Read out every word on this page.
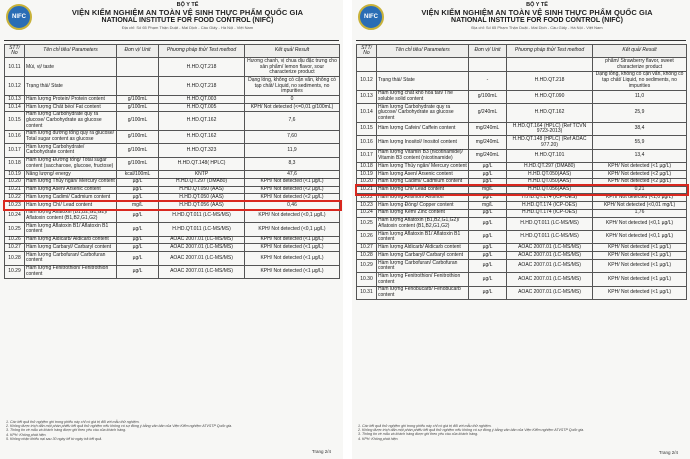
NIFC
BỘ Y TẾ
VIỆN KIỂM NGHIỆM AN TOÀN VỆ SINH THỰC PHẨM QUỐC GIA
NATIONAL INSTITUTE FOR FOOD CONTROL (NIFC)
Địa chỉ: Số 65 Phạm Thận Duật - Mai Dịch - Cầu Giấy - Hà Nội - Việt Nam
STT/ No	Tên chỉ tiêu/ Parameters	Đơn vị/ Unit	Phương pháp thử/ Test method	Kết quả/ Result
10.11	Mùi, vị/ taste		H.HD.QT.218	Hương chanh, vị chua dịu đặc trưng cho sản phẩm/ lemon flavor, sour characterize product
10.12	Trạng thái/ State		H.HD.QT.218	Dạng lỏng, không có cặn vẩn, không có tạp chất/ Liquid, no sediments, no impurities
10.13	Hàm lượng Protein/ Protein content	g/100mL	H.HD.QT.003	0
10.14	Hàm lượng Chất béo/ Fat content	g/100mL	H.HD.QT.005	KPH/ Not detected (<=0,01 g/100mL)
10.15	Hàm lượng Carbohydrate quy ra glucose/ Carbohydrate as glucose content	g/100mL	H.HD.QT.162	7,6
10.16	Hàm lượng đường tổng quy ra glucose/ Total sugar content as glucose	g/100mL	H.HD.QT.162	7,60
10.17	Hàm lượng Carbohydrate/ Carbohydrate content	g/100mL	H.HD.QT.323	11,9
10.18	Hàm lượng Đường tổng/ Total sugar content (saccharose, glucose, fructose)	g/100mL	H.HD.QT.148( HPLC)	8,3
10.19	Năng lượng/ energy	kcal/100mL	KNTP	47,6
10.20	Hàm lượng Thủy ngân/ Mercury content	µg/L	H.HD.QT.297 (DMA80)	KPH/ Not detected (<1 µg/L)
10.21	Hàm lượng Asen/ Arsenic content	µg/L	H.HD.QT.050 (AAS)	KPH/ Not detected (<2 µg/L)
10.22	Hàm lượng Cadimi/ Cadmium content	µg/L	H.HD.QT.050 (AAS)	KPH/ Not detected (<2 µg/L)
10.23	Hàm lượng Chì/ Lead content	mg/L	H.HD.QT.056 (AAS)	0,46
10.24	Hàm lượng Aflatoxin (B1,B2,G1,G2)/ Aflatoxin content (B1,B2,G1,G2)	µg/L	H.HD.QT.011 (LC-MS/MS)	KPH/ Not detected (<0,1 µg/L)
10.25	Hàm lượng Aflatoxin B1/ Aflatoxin B1 content	µg/L	H.HD.QT.011 (LC-MS/MS)	KPH/ Not detected (<0,1 µg/L)
10.26	Hàm lượng Aldicarb/ Aldicarb content	µg/L	AOAC 2007.01 (LC-MS/MS)	KPH/ Not detected (<1 µg/L)
10.27	Hàm lượng Carbaryl/ Carbaryl content	µg/L	AOAC 2007.01 (LC-MS/MS)	KPH/ Not detected (<1 µg/L)
10.28	Hàm lượng Carbofuran/ Carbofuran content	µg/L	AOAC 2007.01 (LC-MS/MS)	KPH/ Not detected (<1 µg/L)
10.29	Hàm lượng Fenitrothion/ Fenitrothion content	µg/L	AOAC 2007.01 (LC-MS/MS)	KPH/ Not detected (<1 µg/L)
1. Các kết quả thử nghiệm ghi trong phiếu này chỉ có giá trị đối với mẫu thử nghiệm.
2. Không được trích dẫn một phần phiếu kết quả thử nghiệm nếu không có sự đồng ý bằng văn bản của Viện Kiểm nghiệm ATVSTP Quốc gia.
3. Thông tin về mẫu và khách hàng được ghi theo yêu cầu của khách hàng.
4. KPH: Không phát hiện.
5. Không nhận khiếu nại sau 30 ngày kể từ ngày trả kết quả.
Trang 2/4
NIFC
BỘ Y TẾ
VIỆN KIỂM NGHIỆM AN TOÀN VỆ SINH THỰC PHẨM QUỐC GIA
NATIONAL INSTITUTE FOR FOOD CONTROL (NIFC)
Địa chỉ: Số 65 Phạm Thận Duật - Mai Dịch - Cầu Giấy - Hà Nội - Việt Nam
STT/ No	Tên chỉ tiêu/ Parameters	Đơn vị/ Unit	Phương pháp thử/ Test method	Kết quả/ Result
				phẩm/ Strawberry flavor, sweet characterize product
10.12	Trạng thái/ State	-	H.HD.QT.218	Dạng lỏng, không có cặn vẩn, không có tạp chất/ Liquid, no sediments, no impurities
10.13	Hàm lượng chất khô hòa tan/ The soluble solid content	g/100mL	H.HD.QT.090	11,0
10.14	Hàm lượng Carbohydrate quy ra glucose/ Carbohydrate as glucose content	g/240mL	H.HD.QT.162	25,9
10.15	Hàm lượng Cafein/ Caffein content	mg/240mL	H.HD.QT.164 (HPLC) (Ref TCVN 9723-2013)	38,4
10.16	Hàm lượng Inositol/ Inositol content	mg/240mL	H.HD.QT.148 (HPLC) (Ref AOAC 977.20)	55,9
10.17	Hàm lượng Vitamin B3 (nicotinamide)/ Vitamin B3 content (nicotinamide)	mg/240mL	H.HD.QT.101	13,4
10.18	Hàm lượng Thủy ngân/ Mercury content	µg/L	H.HD.QT.297 (DMA80)	KPH/ Not detected (<1 µg/L)
10.19	Hàm lượng Asen/ Arsenic content	µg/L	H.HD.QT.050(AAS)	KPH/ Not detected (<2 µg/L)
10.20	Hàm lượng Cadimi/ Cadmium content	µg/L	H.HD.QT.050(AAS)	KPH/ Not detected (<2 µg/L)
10.21	Hàm lượng Chì/ Lead content	mg/L	H.HD.QT.056(AAS)	0,21
10.22	Hàm lượng Antimon/ Antimon	µg/L	H.HD.QT.174 (ICP-OES)	KPH/ Not detected (<1,0 µg/L)
10.23	Hàm lượng Đồng/ Copper content	mg/L	H.HD.QT.174 (ICP-OES)	KPH/ Not detected (<0,01 mg/L)
10.24	Hàm lượng Kẽm/ Zinc content	µg/L	H.HD.QT.174 (ICP-OES)	1,76
10.25	Hàm lượng Aflatoxin (B1,B2,G1,G2)/ Aflatoxin content (B1,B2,G1,G2)	µg/L	H.HD.QT.011 (LC-MS/MS)	KPH/ Not detected (<0,1 µg/L)
10.26	Hàm lượng Aflatoxin B1/ Aflatoxin B1 content	µg/L	H.HD.QT.011 (LC-MS/MS)	KPH/ Not detected (<0,1 µg/L)
10.27	Hàm lượng Aldicarb/ Aldicarb content	µg/L	AOAC 2007.01 (LC-MS/MS)	KPH/ Not detected (<1 µg/L)
10.28	Hàm lượng Carbaryl/ Carbaryl content	µg/L	AOAC 2007.01 (LC-MS/MS)	KPH/ Not detected (<1 µg/L)
10.29	Hàm lượng Carbofuran/ Carbofuran content	µg/L	AOAC 2007.01 (LC-MS/MS)	KPH/ Not detected (<1 µg/L)
10.30	Hàm lượng Fenitrothion/ Fenitrothion content	µg/L	AOAC 2007.01 (LC-MS/MS)	KPH/ Not detected (<1 µg/L)
10.31	Hàm lượng Fenobucarb/ Fenobucarb content	µg/L	AOAC 2007.01 (LC-MS/MS)	KPH/ Not detected (<1 µg/L)
1. Các kết quả thử nghiệm ghi trong phiếu này chỉ có giá trị đối với mẫu thử nghiệm.
2. Không được trích dẫn một phần phiếu kết quả thử nghiệm nếu không có sự đồng ý bằng văn bản của Viện Kiểm nghiệm ATVSTP Quốc gia.
3. Thông tin về mẫu và khách hàng được ghi theo yêu cầu của khách hàng.
4. KPH: Không phát hiện.
Trang 2/4
